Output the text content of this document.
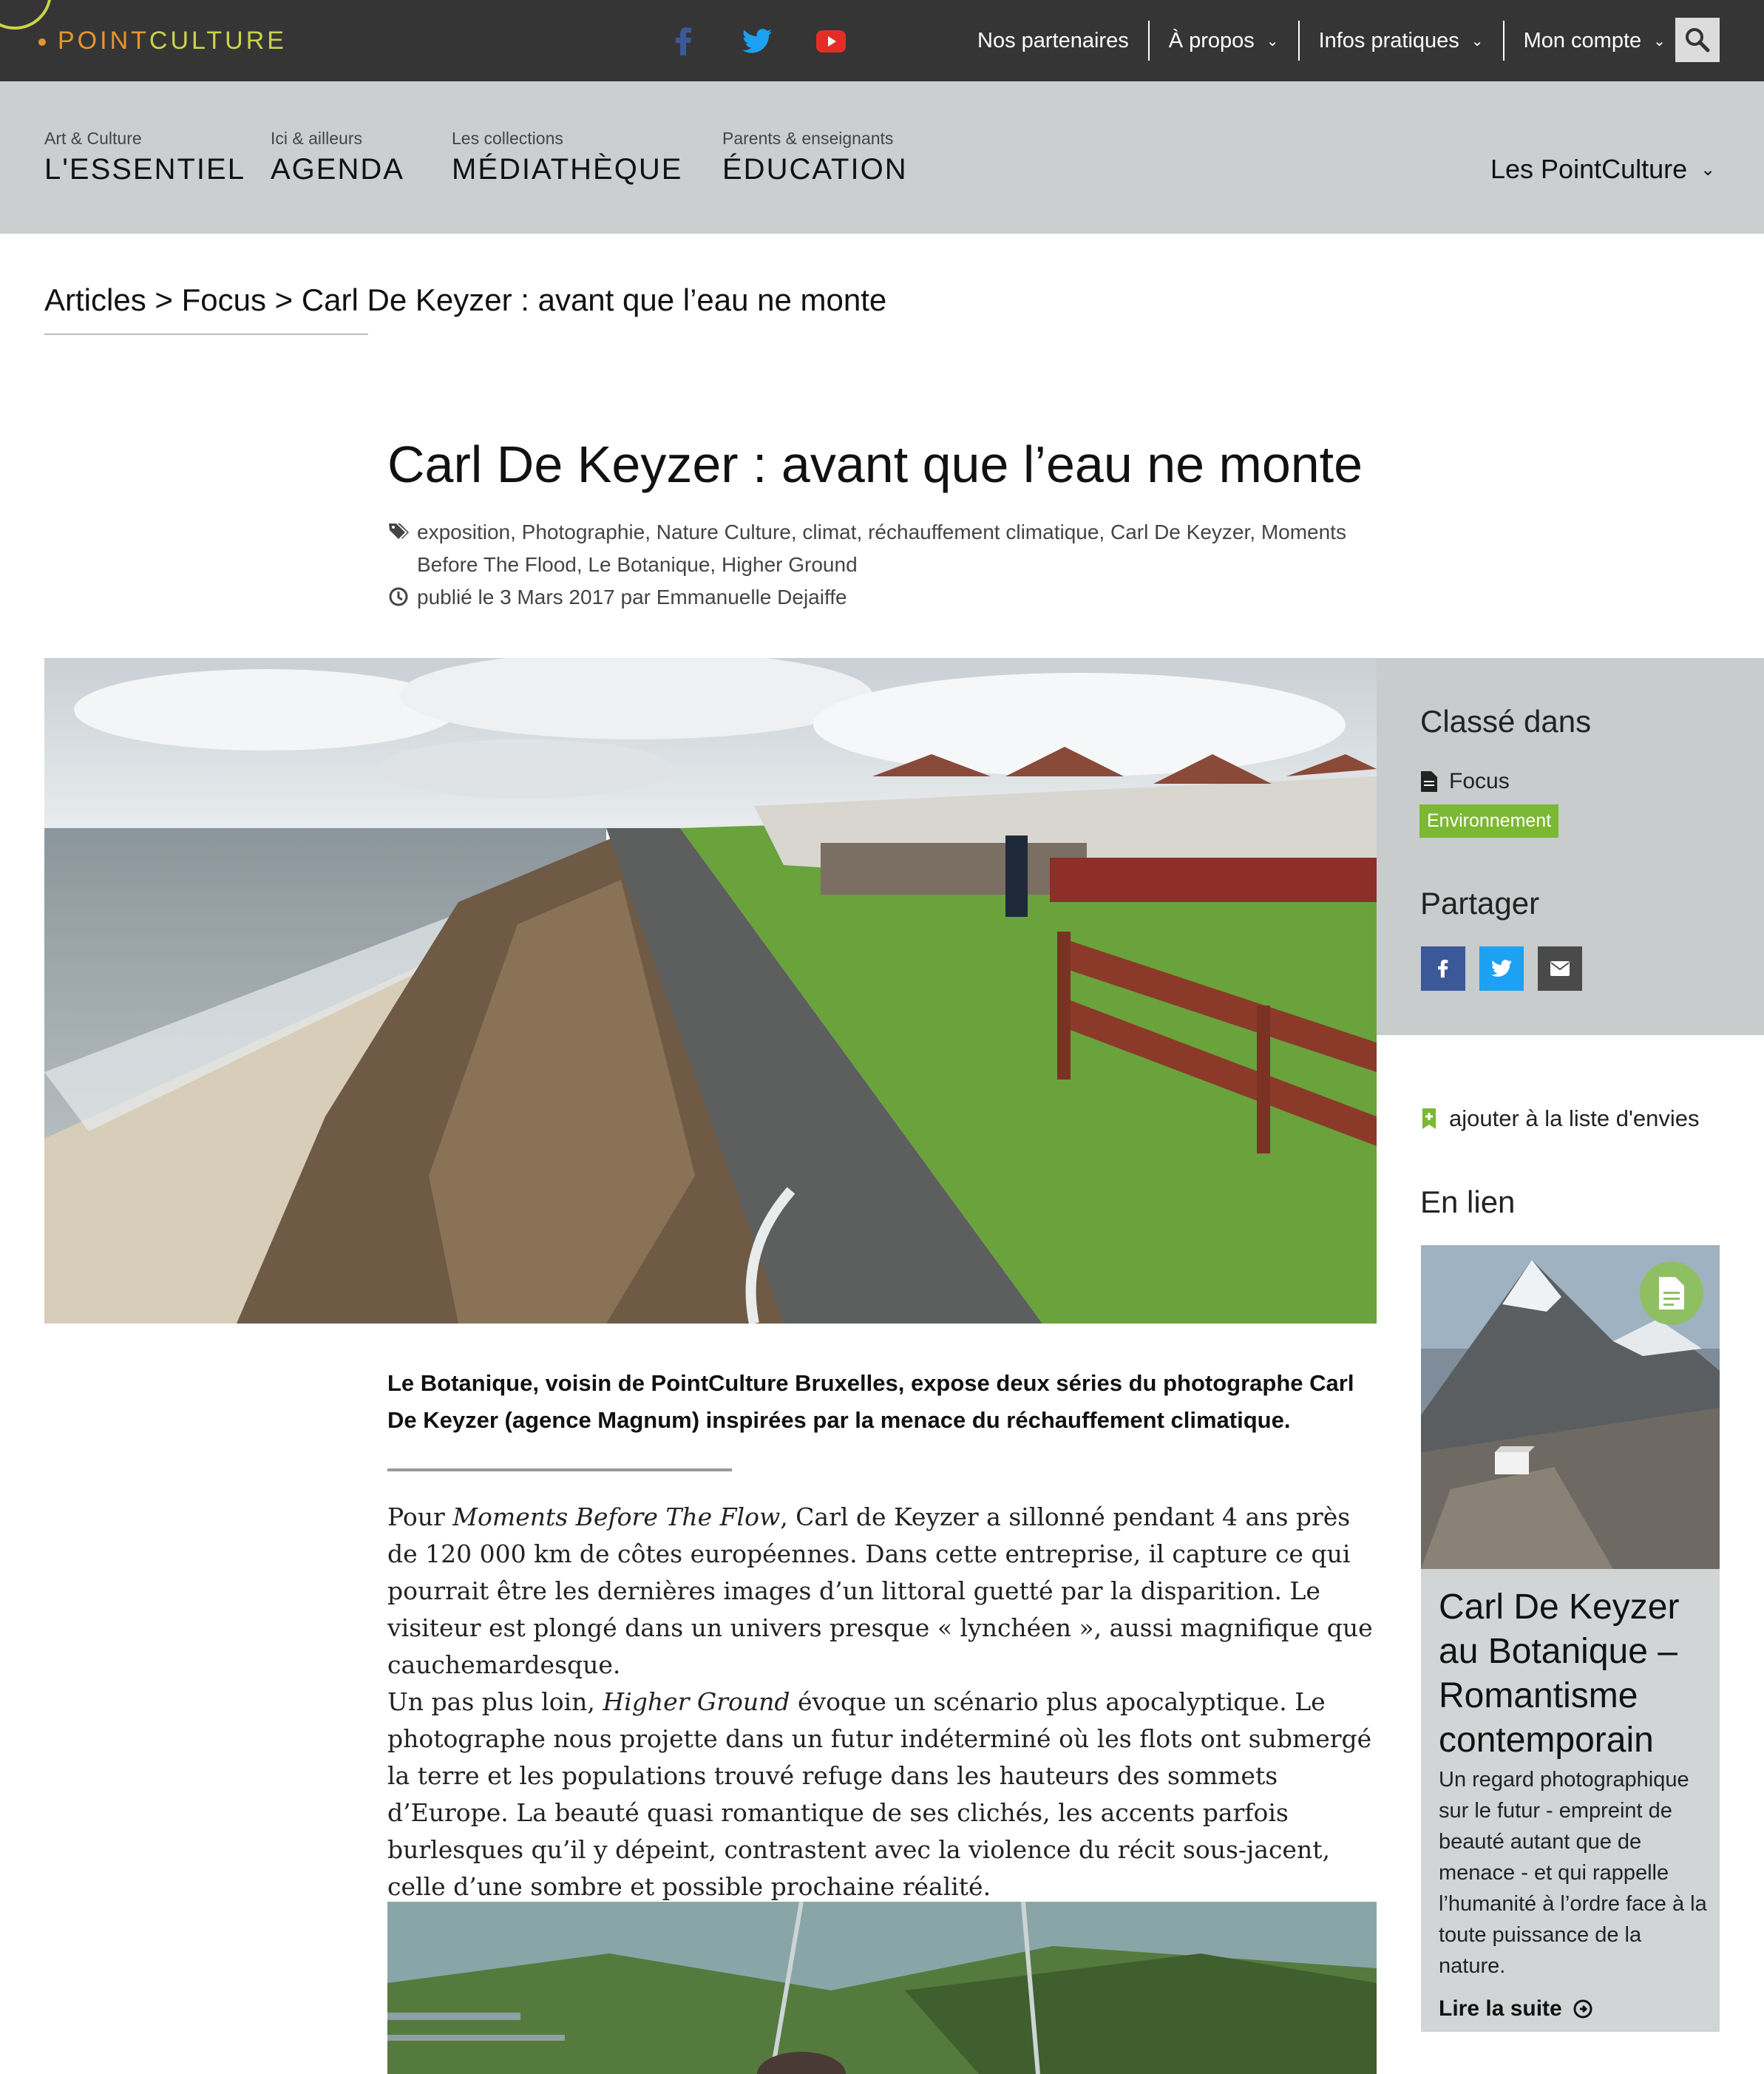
POINTCULTURE	Nos partenaires À propos ⌄ Infos pratiques ⌄ Mon compte ⌄
Art & Culture
L'ESSENTIEL
Ici & ailleurs
AGENDA
Les collections
MÉDIATHÈQUE
Parents & enseignants
ÉDUCATION	Les PointCulture ⌄
Articles > Focus > Carl De Keyzer : avant que l’eau ne monte
Carl De Keyzer : avant que l’eau ne monte
exposition, Photographie, Nature Culture, climat, réchauffement climatique, Carl De Keyzer, Moments
Before The Flood, Le Botanique, Higher Ground
publié le 3 Mars 2017 par Emmanuelle Dejaiffe
Classé dans
Focus
Environnement
Partager
ajouter à la liste d'envies
En lien
Carl De Keyzer au Botanique – Romantisme contemporain
Un regard photographique sur le futur - empreint de beauté autant que de menace - et qui rappelle l’humanité à l’ordre face à la toute puissance de la nature.
Lire la suite
Le Botanique, voisin de PointCulture Bruxelles, expose deux séries du photographe Carl De Keyzer (agence Magnum) inspirées par la menace du réchauffement climatique.

Pour Moments Before The Flow, Carl de Keyzer a sillonné pendant 4 ans près de 120 000 km de côtes européennes. Dans cette entreprise, il capture ce qui pourrait être les dernières images d’un littoral guetté par la disparition. Le visiteur est plongé dans un univers presque « lynchéen », aussi magnifique que cauchemardesque.

Un pas plus loin, Higher Ground évoque un scénario plus apocalyptique. Le photographe nous projette dans un futur indéterminé où les flots ont submergé la terre et les populations trouvé refuge dans les hauteurs des sommets d’Europe. La beauté quasi romantique de ses clichés, les accents parfois burlesques qu’il y dépeint, contrastent avec la violence du récit sous-jacent, celle d’une sombre et possible prochaine réalité.
